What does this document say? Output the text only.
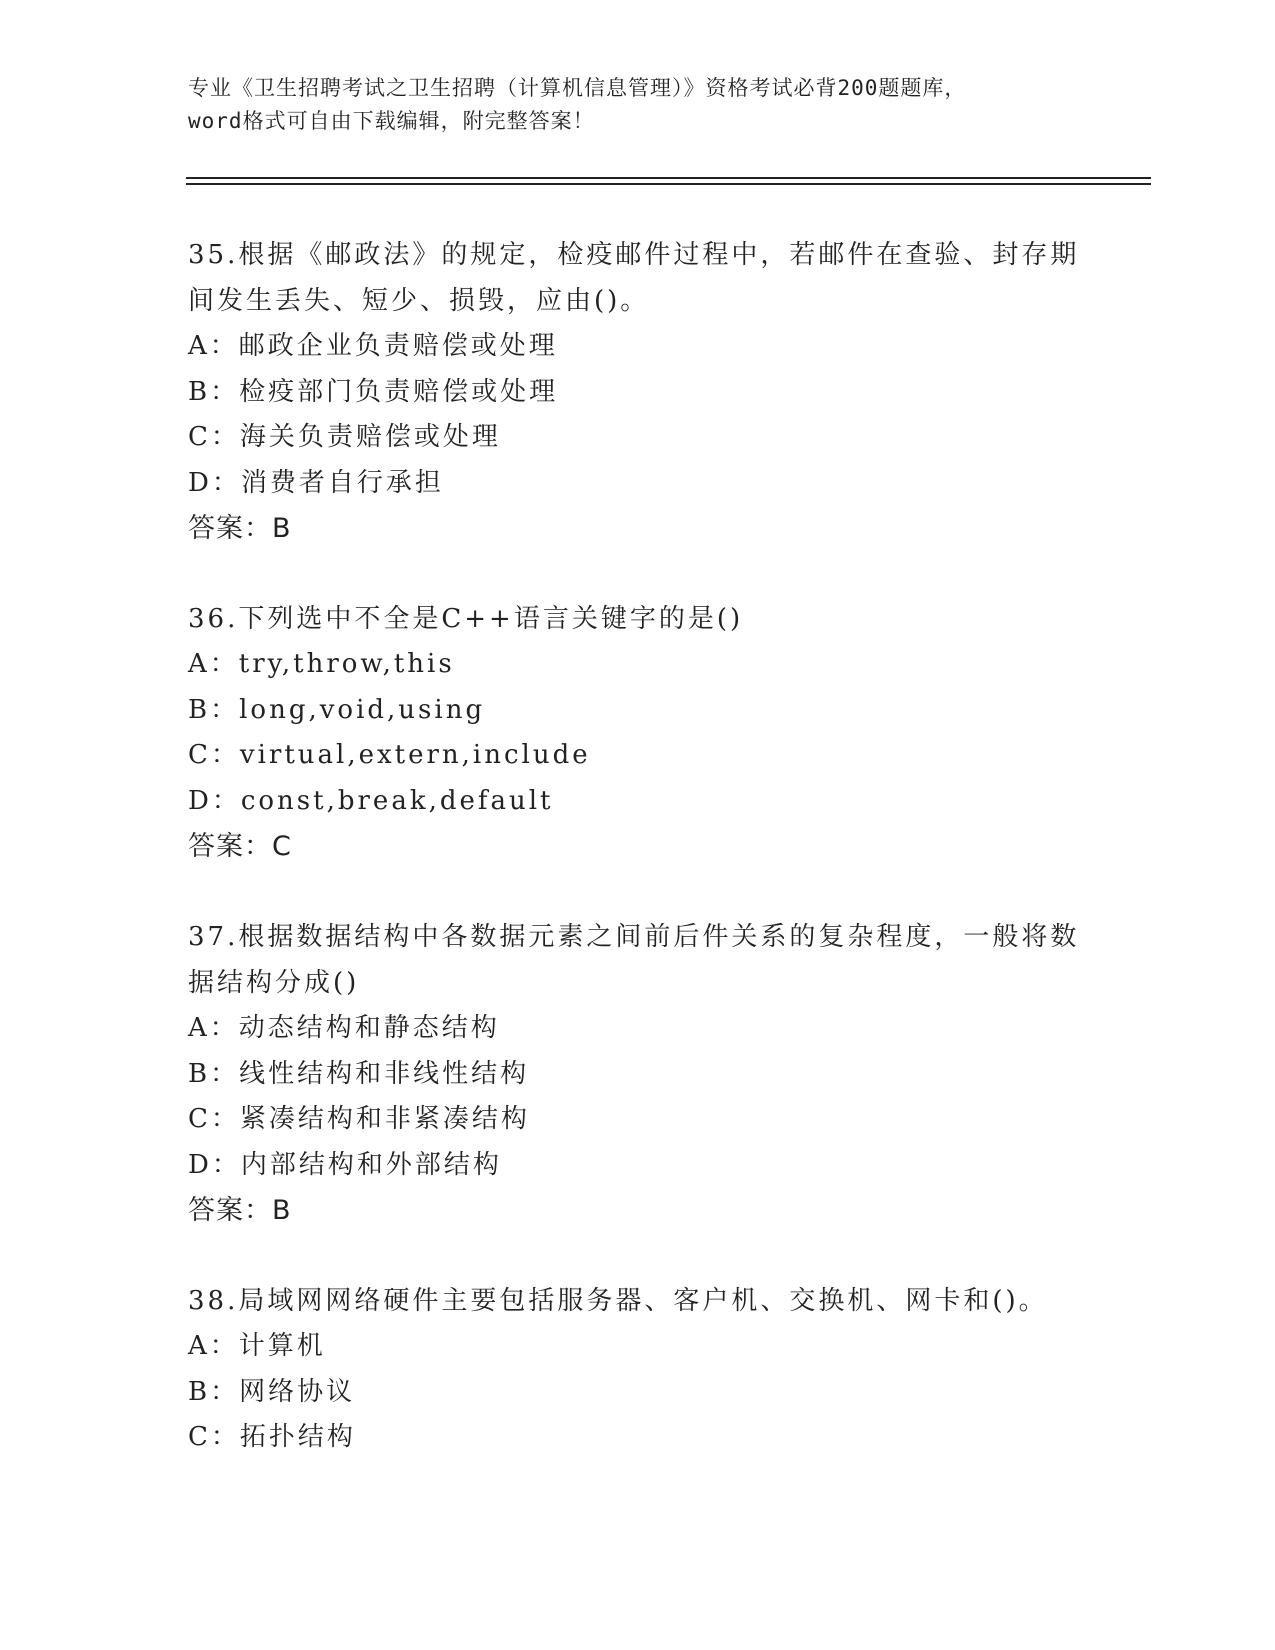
专业《卫生招聘考试之卫生招聘（计算机信息管理）》资格考试必背200题题库，
word格式可自由下载编辑，附完整答案！
35.根据《邮政法》的规定，检疫邮件过程中，若邮件在查验、封存期
间发生丢失、短少、损毁，应由()。
A：邮政企业负责赔偿或处理
B：检疫部门负责赔偿或处理
C：海关负责赔偿或处理
D：消费者自行承担
答案：B
36.下列选中不全是C++语言关键字的是()
A：try,throw,this
B：long,void,using
C：virtual,extern,include
D：const,break,default
答案：C
37.根据数据结构中各数据元素之间前后件关系的复杂程度，一般将数
据结构分成()
A：动态结构和静态结构
B：线性结构和非线性结构
C：紧凑结构和非紧凑结构
D：内部结构和外部结构
答案：B
38.局域网网络硬件主要包括服务器、客户机、交换机、网卡和()。
A：计算机
B：网络协议
C：拓扑结构
